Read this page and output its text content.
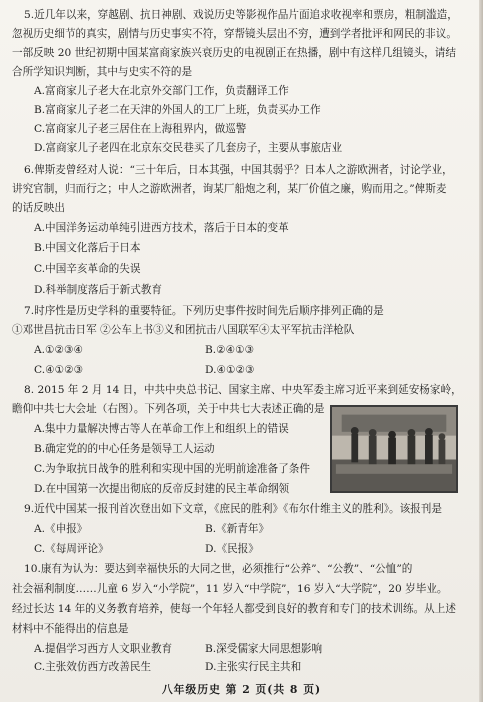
5.近几年以来，穿越剧、抗日神剧、戏说历史等影视作品片面追求收视率和票房，粗制滥造，
忽视历史细节的真实，剧情与历史事实不符，穿帮镜头层出不穷，遭到学者批评和网民的非议。
一部反映 20 世纪初期中国某富商家族兴衰历史的电视剧正在热播，剧中有这样几组镜头，请结
合所学知识判断，其中与史实不符的是
A.富商家儿子老大在北京外交部门工作，负责翻译工作
B.富商家儿子老二在天津的外国人的工厂上班，负责买办工作
C.富商家儿子老三居住在上海租界内，做巡警
D.富商家儿子老四在北京东交民巷买了几套房子，主要从事旅店业
6.俾斯麦曾经对人说：“三十年后，日本其强，中国其弱乎？日本人之游欧洲者，讨论学业，
讲究官制，归而行之；中人之游欧洲者，询某厂船炮之利，某厂价值之廉，购而用之。”俾斯麦
的话反映出
A.中国洋务运动单纯引进西方技术，落后于日本的变革
B.中国文化落后于日本
C.中国辛亥革命的失误
D.科举制度落后于新式教育
7.时序性是历史学科的重要特征。下列历史事件按时间先后顺序排列正确的是
①邓世昌抗击日军 ②公车上书③义和团抗击八国联军④太平军抗击洋枪队
A.①②③④	B.②④①③
C.④①②③	D.④①②③
8. 2015 年 2 月 14 日，中共中央总书记、国家主席、中央军委主席习近平来到延安杨家岭，
瞻仰中共七大会址（右图）。下列各项，关于中共七大表述正确的是
A.集中力量解决博古等人在革命工作上和组织上的错误
B.确定党的的中心任务是领导工人运动
C.为争取抗日战争的胜利和实现中国的光明前途准备了条件
D.在中国第一次提出彻底的反帝反封建的民主革命纲领
9.近代中国某一报刊首次登出如下文章，《庶民的胜利》《布尔什维主义的胜利》。该报刊是
A.《申报》	B.《新青年》
C.《每周评论》	D.《民报》
10.康有为认为：要达到幸福快乐的大同之世，必须推行“公养”、“公教”、“公恤”的
社会福利制度……儿童 6 岁入“小学院”，11 岁入“中学院”，16 岁入“大学院”，20 岁毕业。
经过长达 14 年的义务教育培养，使每一个年轻人都受到良好的教育和专门的技术训练。从上述
材料中不能得出的信息是
A.提倡学习西方人文职业教育	B.深受儒家大同思想影响
C.主张效仿西方改善民生	D.主张实行民主共和
八年级历史 第 2 页(共 8 页)
